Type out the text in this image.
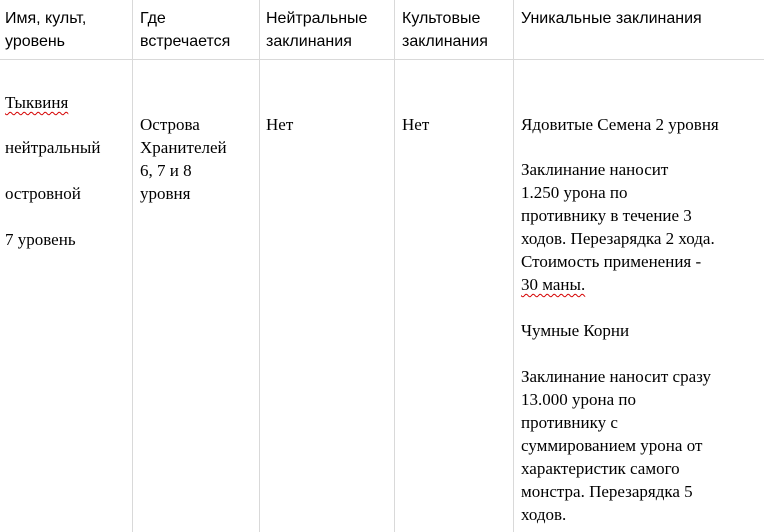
Имя, культ,
уровень
Где
встречается
Нейтральные
заклинания
Культовые
заклинания
Уникальные заклинания
Тыквиня
нейтральный
островной
7 уровень
Острова
Хранителей
6, 7 и 8
уровня
Нет	Нет	Ядовитые Семена 2 уровня
Заклинание наносит
1.250 урона по
противнику в течение 3
ходов. Перезарядка 2 хода.
Стоимость применения -
30 маны.
Чумные Корни
Заклинание наносит сразу
13.000 урона по
противнику с
суммированием урона от
характеристик самого
монстра. Перезарядка 5
ходов.
